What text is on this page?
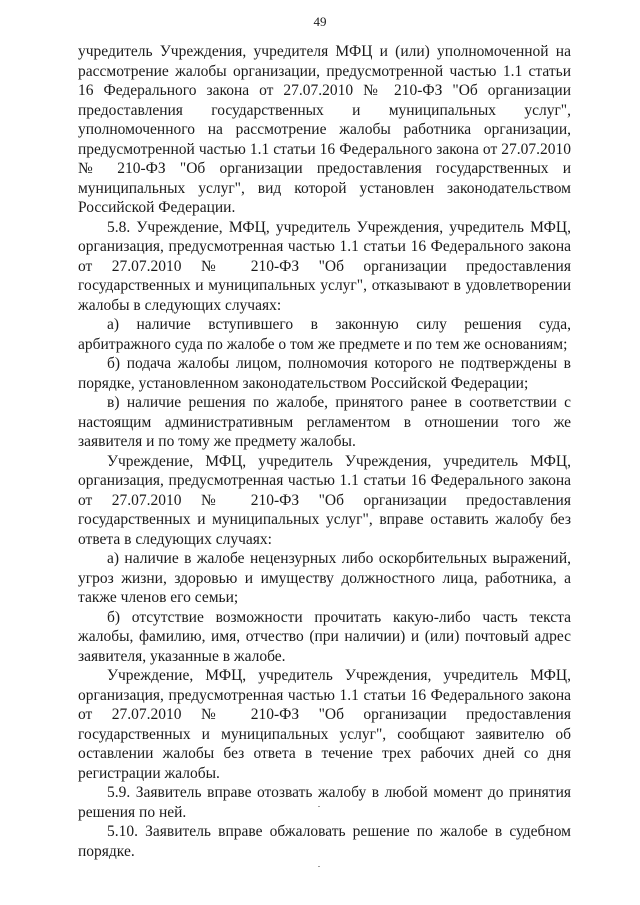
49

учредитель Учреждения, учредителя МФЦ и (или) уполномоченной на рассмотрение жалобы организации, предусмотренной частью 1.1 статьи 16 Федерального закона от 27.07.2010 № 210-ФЗ "Об организации предоставления государственных и муниципальных услуг", уполномоченного на рассмотрение жалобы работника организации, предусмотренной частью 1.1 статьи 16 Федерального закона от 27.07.2010 № 210-ФЗ "Об организации предоставления государственных и муниципальных услуг", вид которой установлен законодательством Российской Федерации.

5.8. Учреждение, МФЦ, учредитель Учреждения, учредитель МФЦ, организация, предусмотренная частью 1.1 статьи 16 Федерального закона от 27.07.2010 № 210-ФЗ "Об организации предоставления государственных и муниципальных услуг", отказывают в удовлетворении жалобы в следующих случаях:

а) наличие вступившего в законную силу решения суда, арбитражного суда по жалобе о том же предмете и по тем же основаниям;

б) подача жалобы лицом, полномочия которого не подтверждены в порядке, установленном законодательством Российской Федерации;

в) наличие решения по жалобе, принятого ранее в соответствии с настоящим административным регламентом в отношении того же заявителя и по тому же предмету жалобы.

Учреждение, МФЦ, учредитель Учреждения, учредитель МФЦ, организация, предусмотренная частью 1.1 статьи 16 Федерального закона от 27.07.2010 № 210-ФЗ "Об организации предоставления государственных и муниципальных услуг", вправе оставить жалобу без ответа в следующих случаях:

а) наличие в жалобе нецензурных либо оскорбительных выражений, угроз жизни, здоровью и имуществу должностного лица, работника, а также членов его семьи;

б) отсутствие возможности прочитать какую-либо часть текста жалобы, фамилию, имя, отчество (при наличии) и (или) почтовый адрес заявителя, указанные в жалобе.

Учреждение, МФЦ, учредитель Учреждения, учредитель МФЦ, организация, предусмотренная частью 1.1 статьи 16 Федерального закона от 27.07.2010 № 210-ФЗ "Об организации предоставления государственных и муниципальных услуг", сообщают заявителю об оставлении жалобы без ответа в течение трех рабочих дней со дня регистрации жалобы.

5.9. Заявитель вправе отозвать жалобу в любой момент до принятия решения по ней.

5.10. Заявитель вправе обжаловать решение по жалобе в судебном порядке.
